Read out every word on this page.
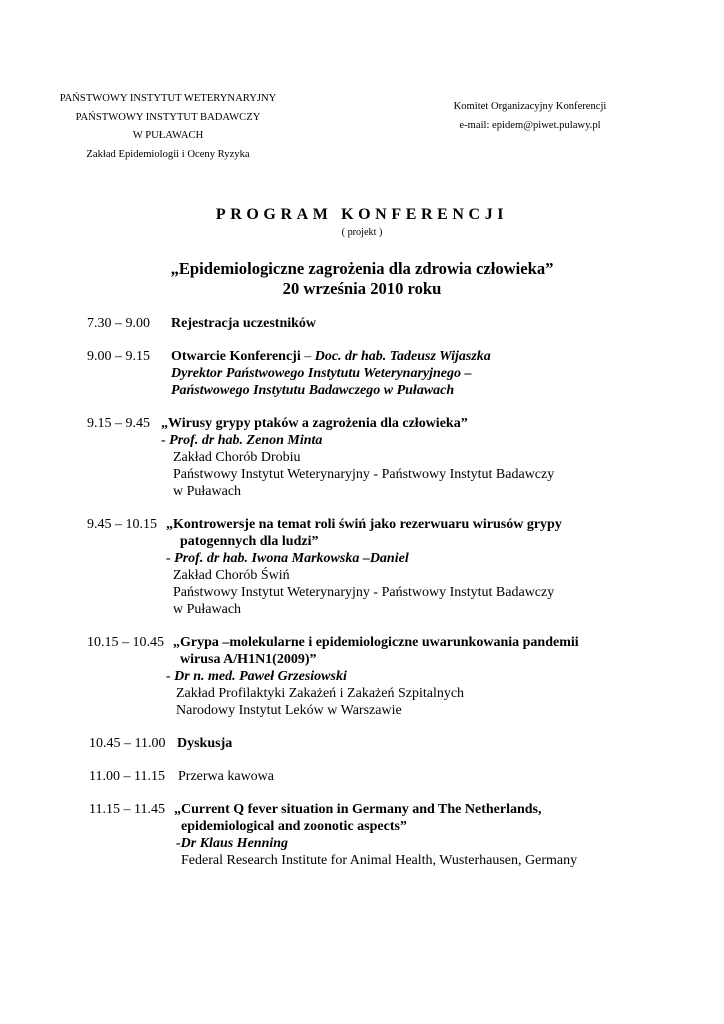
PAŃSTWOWY INSTYTUT WETERYNARYJNY
PAŃSTWOWY INSTYTUT BADAWCZY
W PUŁAWACH
Zakład Epidemiologii i Oceny Ryzyka
Komitet Organizacyjny Konferencji
e-mail: epidem@piwet.pulawy.pl
PROGRAM KONFERENCJI
( projekt )
„Epidemiologiczne zagrożenia dla zdrowia człowieka”
20 września 2010 roku
7.30 – 9.00 Rejestracja uczestników
9.00 – 9.15 Otwarcie Konferencji – Doc. dr hab. Tadeusz Wijaszka
Dyrektor Państwowego Instytutu Weterynaryjnego –
Państwowego Instytutu Badawczego w Puławach
9.15 – 9.45 „Wirusy grypy ptaków a zagrożenia dla człowieka”
- Prof. dr hab. Zenon Minta
Zakład Chorób Drobiu
Państwowy Instytut Weterynaryjny - Państwowy Instytut Badawczy
w Puławach
9.45 – 10.15 „Kontrowersje na temat roli świń jako rezerwuaru wirusów grypy
patogennych dla ludzi”
- Prof. dr hab. Iwona Markowska –Daniel
Zakład Chorób Świń
Państwowy Instytut Weterynaryjny - Państwowy Instytut Badawczy
w Puławach
10.15 – 10.45 „Grypa –molekularne i epidemiologiczne uwarunkowania pandemii
wirusa A/H1N1(2009)”
- Dr n. med. Paweł Grzesiowski
Zakład Profilaktyki Zakażeń i Zakażeń Szpitalnych
Narodowy Instytut Leków w Warszawie
10.45 – 11.00 Dyskusja
11.00 – 11.15 Przerwa kawowa
11.15 – 11.45 „Current Q fever situation in Germany and The Netherlands,
epidemiological and zoonotic aspects”
-Dr Klaus Henning
Federal Research Institute for Animal Health, Wusterhausen, Germany
